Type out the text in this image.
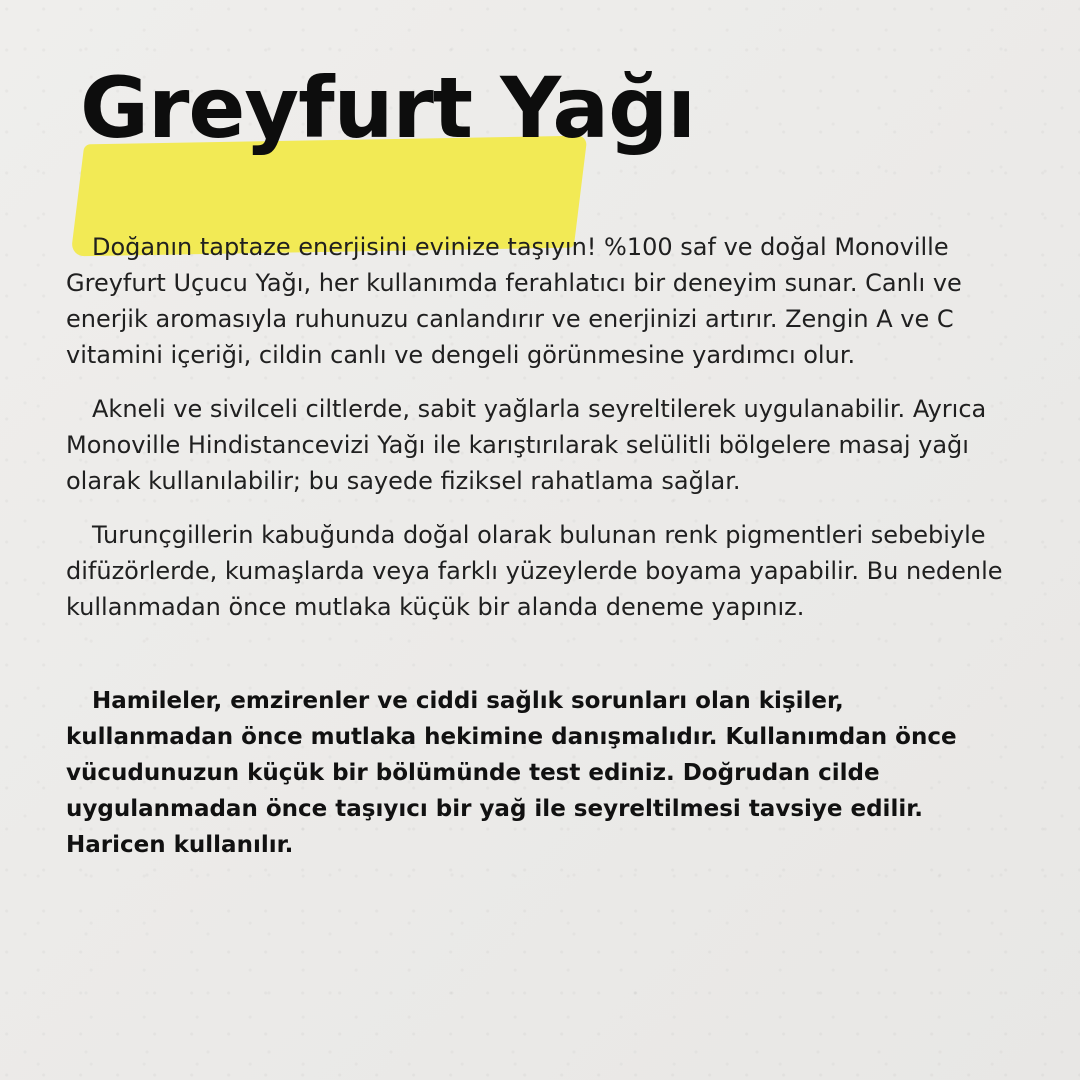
Greyfurt Yağı

Doğanın taptaze enerjisini evinize taşıyın! %100 saf ve doğal Monoville Greyfurt Uçucu Yağı, her kullanımda ferahlatıcı bir deneyim sunar. Canlı ve enerjik aromasıyla ruhunuzu canlandırır ve enerjinizi artırır. Zengin A ve C vitamini içeriği, cildin canlı ve dengeli görünmesine yardımcı olur.

Akneli ve sivilceli ciltlerde, sabit yağlarla seyreltilerek uygulanabilir. Ayrıca Monoville Hindistancevizi Yağı ile karıştırılarak selülitli bölgelere masaj yağı olarak kullanılabilir; bu sayede fiziksel rahatlama sağlar.

Turunçgillerin kabuğunda doğal olarak bulunan renk pigmentleri sebebiyle difüzörlerde, kumaşlarda veya farklı yüzeylerde boyama yapabilir. Bu nedenle kullanmadan önce mutlaka küçük bir alanda deneme yapınız.

Hamileler, emzirenler ve ciddi sağlık sorunları olan kişiler, kullanmadan önce mutlaka hekimine danışmalıdır. Kullanımdan önce vücudunuzun küçük bir bölümünde test ediniz. Doğrudan cilde uygulanmadan önce taşıyıcı bir yağ ile seyreltilmesi tavsiye edilir. Haricen kullanılır.
